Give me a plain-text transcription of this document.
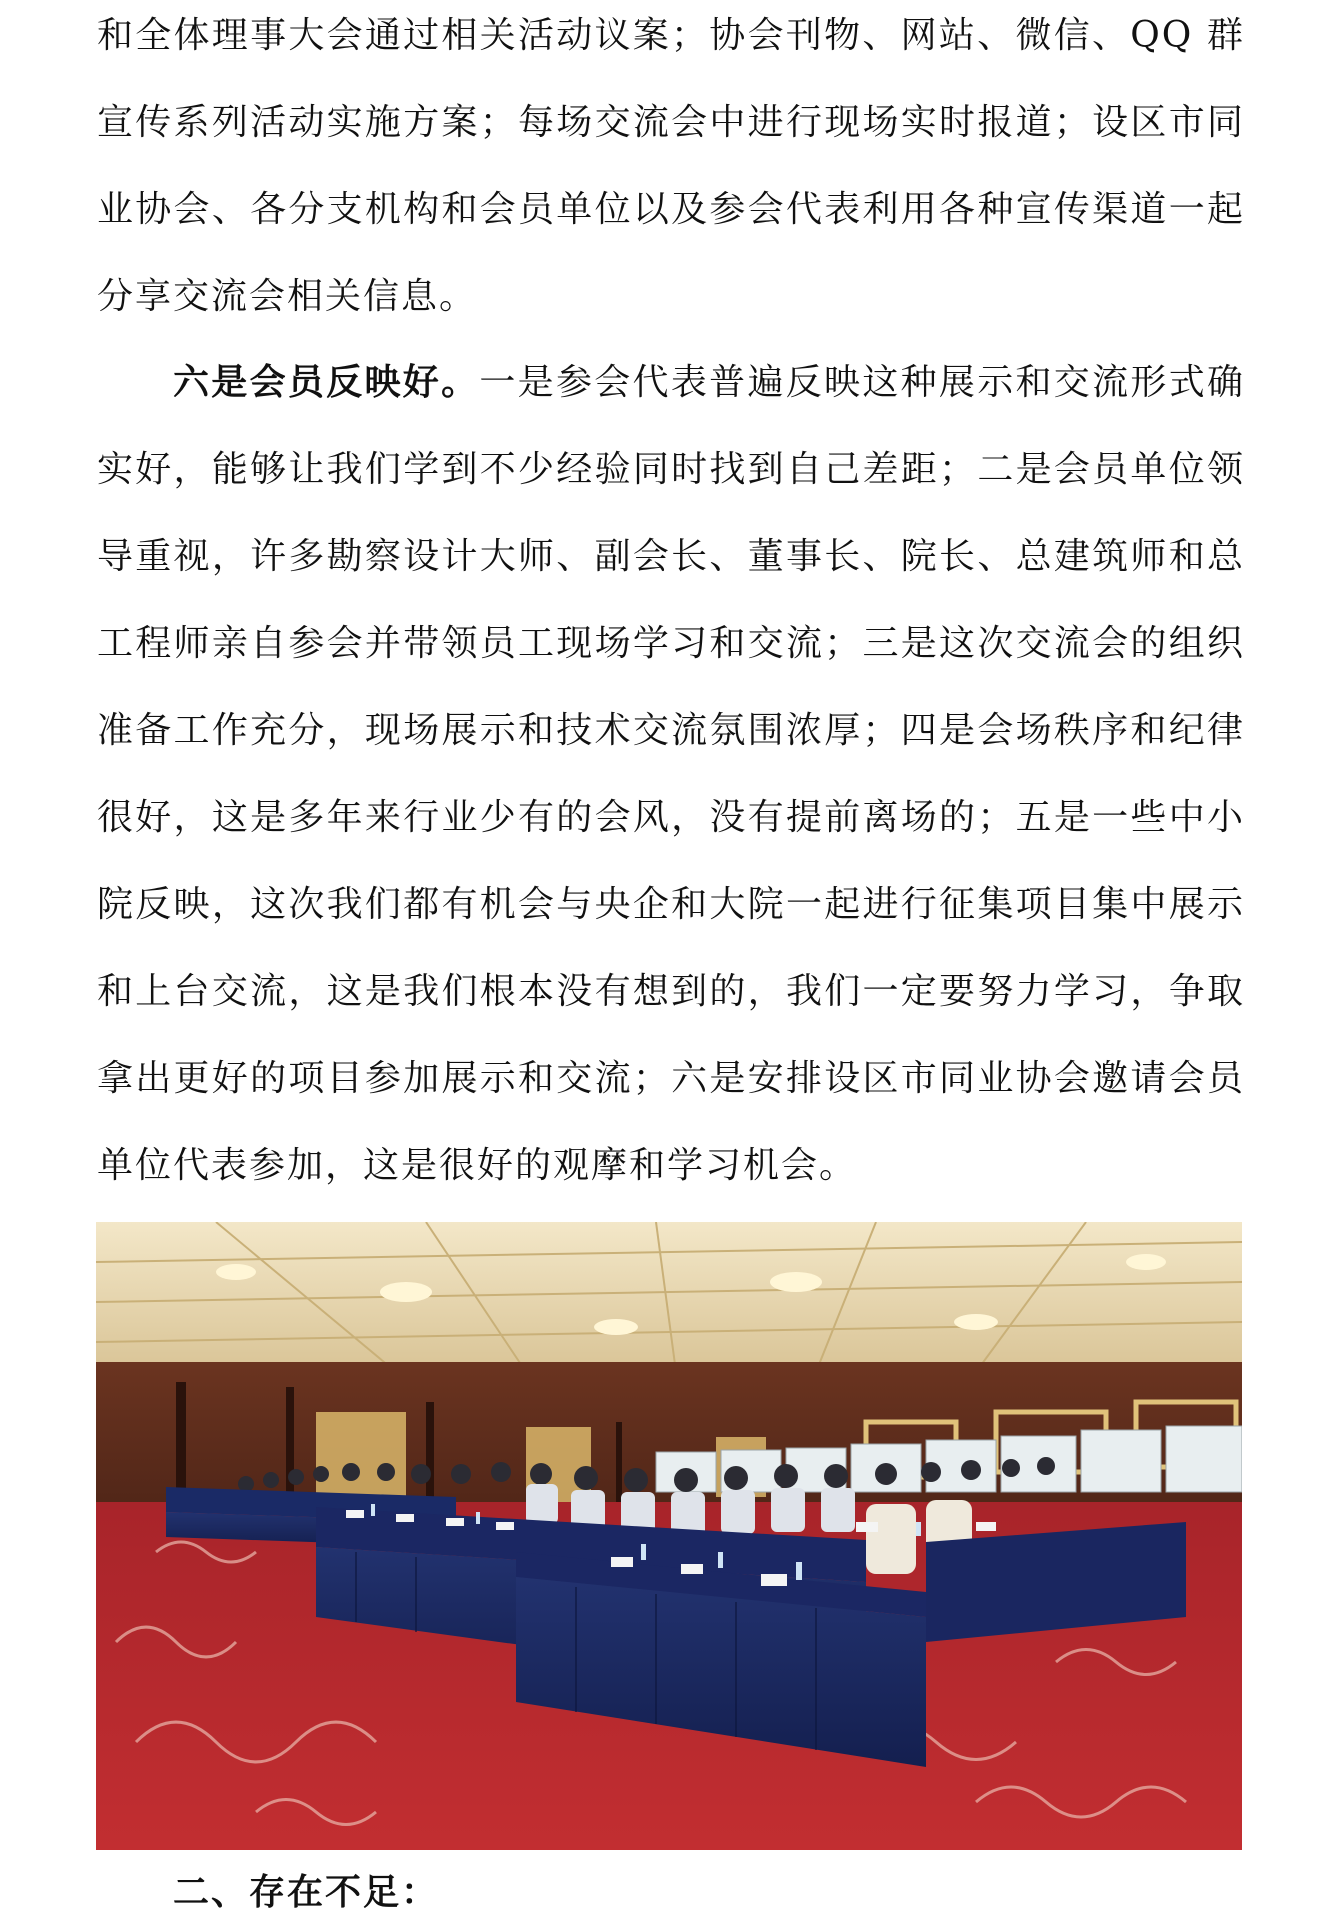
和全体理事大会通过相关活动议案；协会刊物、网站、微信、QQ 群宣传系列活动实施方案；每场交流会中进行现场实时报道；设区市同业协会、各分支机构和会员单位以及参会代表利用各种宣传渠道一起分享交流会相关信息。

六是会员反映好。一是参会代表普遍反映这种展示和交流形式确实好，能够让我们学到不少经验同时找到自己差距；二是会员单位领导重视，许多勘察设计大师、副会长、董事长、院长、总建筑师和总工程师亲自参会并带领员工现场学习和交流；三是这次交流会的组织准备工作充分，现场展示和技术交流氛围浓厚；四是会场秩序和纪律很好，这是多年来行业少有的会风，没有提前离场的；五是一些中小院反映，这次我们都有机会与央企和大院一起进行征集项目集中展示和上台交流，这是我们根本没有想到的，我们一定要努力学习，争取拿出更好的项目参加展示和交流；六是安排设区市同业协会邀请会员单位代表参加，这是很好的观摩和学习机会。

二、存在不足：
